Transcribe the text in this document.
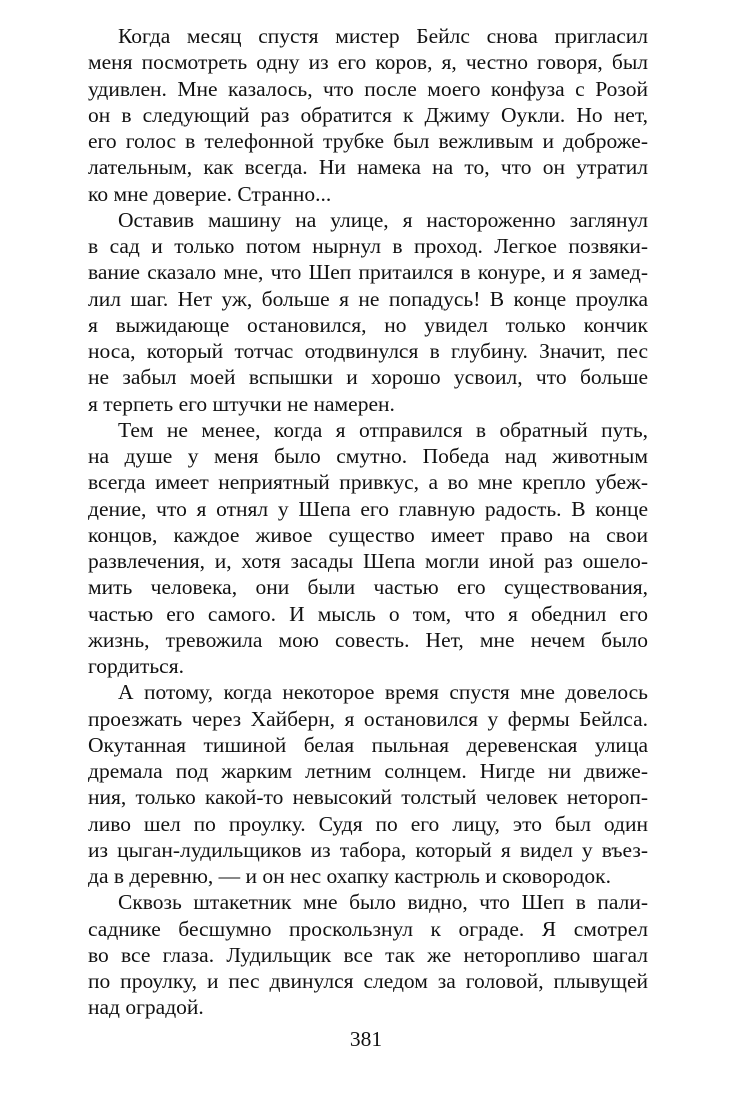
Когда месяц спустя мистер Бейлс снова пригласил
меня посмотреть одну из его коров, я, честно говоря, был
удивлен. Мне казалось, что после моего конфуза с Розой
он в следующий раз обратится к Джиму Оукли. Но нет,
его голос в телефонной трубке был вежливым и доброже-
лательным, как всегда. Ни намека на то, что он утратил
ко мне доверие. Странно...
Оставив машину на улице, я настороженно заглянул
в сад и только потом нырнул в проход. Легкое позвяки-
вание сказало мне, что Шеп притаился в конуре, и я замед-
лил шаг. Нет уж, больше я не попадусь! В конце проулка
я выжидающе остановился, но увидел только кончик
носа, который тотчас отодвинулся в глубину. Значит, пес
не забыл моей вспышки и хорошо усвоил, что больше
я терпеть его штучки не намерен.
Тем не менее, когда я отправился в обратный путь,
на душе у меня было смутно. Победа над животным
всегда имеет неприятный привкус, а во мне крепло убеж-
дение, что я отнял у Шепа его главную радость. В конце
концов, каждое живое существо имеет право на свои
развлечения, и, хотя засады Шепа могли иной раз ошело-
мить человека, они были частью его существования,
частью его самого. И мысль о том, что я обеднил его
жизнь, тревожила мою совесть. Нет, мне нечем было
гордиться.
А потому, когда некоторое время спустя мне довелось
проезжать через Хайберн, я остановился у фермы Бейлса.
Окутанная тишиной белая пыльная деревенская улица
дремала под жарким летним солнцем. Нигде ни движе-
ния, только какой-то невысокий толстый человек нетороп-
ливо шел по проулку. Судя по его лицу, это был один
из цыган-лудильщиков из табора, который я видел у въез-
да в деревню, — и он нес охапку кастрюль и сковородок.
Сквозь штакетник мне было видно, что Шеп в пали-
саднике бесшумно проскользнул к ограде. Я смотрел
во все глаза. Лудильщик все так же неторопливо шагал
по проулку, и пес двинулся следом за головой, плывущей
над оградой.
381
